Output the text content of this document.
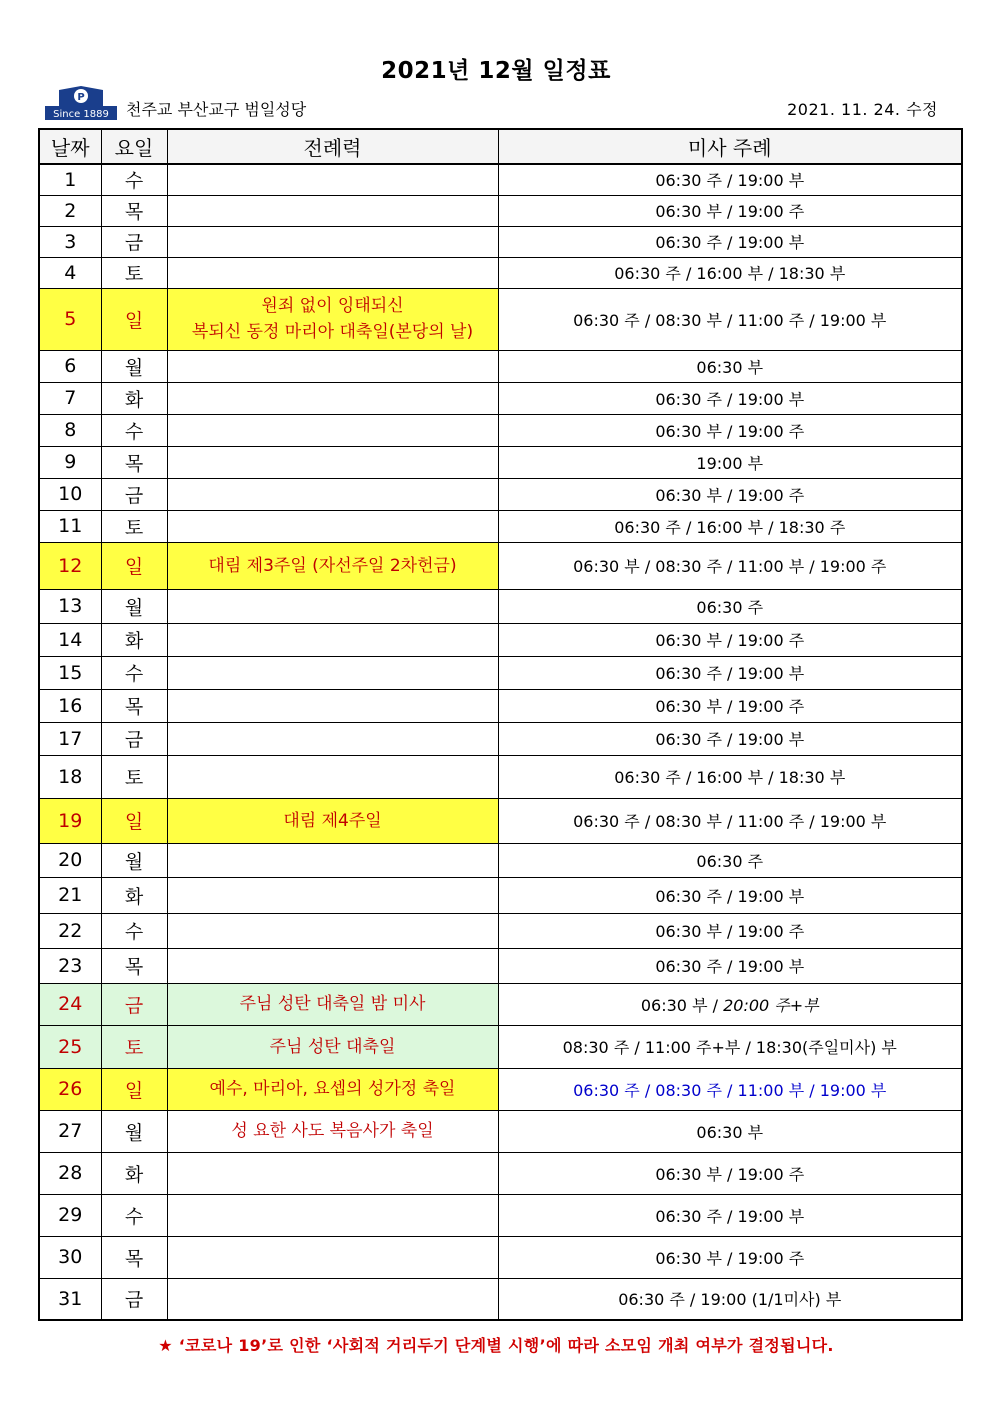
2021년 12월 일정표
P
Since 1889 천주교 부산교구 범일성당	2021. 11. 24. 수정
날짜	요일	전례력	미사 주례
1	수		06:30 주 / 19:00 부
2	목		06:30 부 / 19:00 주
3	금		06:30 주 / 19:00 부
4	토		06:30 주 / 16:00 부 / 18:30 부
5	일	원죄 없이 잉태되신
복되신 동정 마리아 대축일(본당의 날)	06:30 주 / 08:30 부 / 11:00 주 / 19:00 부
6	월		06:30 부
7	화		06:30 주 / 19:00 부
8	수		06:30 부 / 19:00 주
9	목		19:00 부
10	금		06:30 부 / 19:00 주
11	토		06:30 주 / 16:00 부 / 18:30 주
12	일	대림 제3주일 (자선주일 2차헌금)	06:30 부 / 08:30 주 / 11:00 부 / 19:00 주
13	월		06:30 주
14	화		06:30 부 / 19:00 주
15	수		06:30 주 / 19:00 부
16	목		06:30 부 / 19:00 주
17	금		06:30 주 / 19:00 부
18	토		06:30 주 / 16:00 부 / 18:30 부
19	일	대림 제4주일	06:30 주 / 08:30 부 / 11:00 주 / 19:00 부
20	월		06:30 주
21	화		06:30 주 / 19:00 부
22	수		06:30 부 / 19:00 주
23	목		06:30 주 / 19:00 부
24	금	주님 성탄 대축일 밤 미사	06:30 부 / 20:00 주+부
25	토	주님 성탄 대축일	08:30 주 / 11:00 주+부 / 18:30(주일미사) 부
26	일	예수, 마리아, 요셉의 성가정 축일	06:30 주 / 08:30 주 / 11:00 부 / 19:00 부
27	월	성 요한 사도 복음사가 축일	06:30 부
28	화		06:30 부 / 19:00 주
29	수		06:30 주 / 19:00 부
30	목		06:30 부 / 19:00 주
31	금		06:30 주 / 19:00 (1/1미사) 부
★ ‘코로나 19’로 인한 ‘사회적 거리두기 단계별 시행’에 따라 소모임 개최 여부가 결정됩니다.
